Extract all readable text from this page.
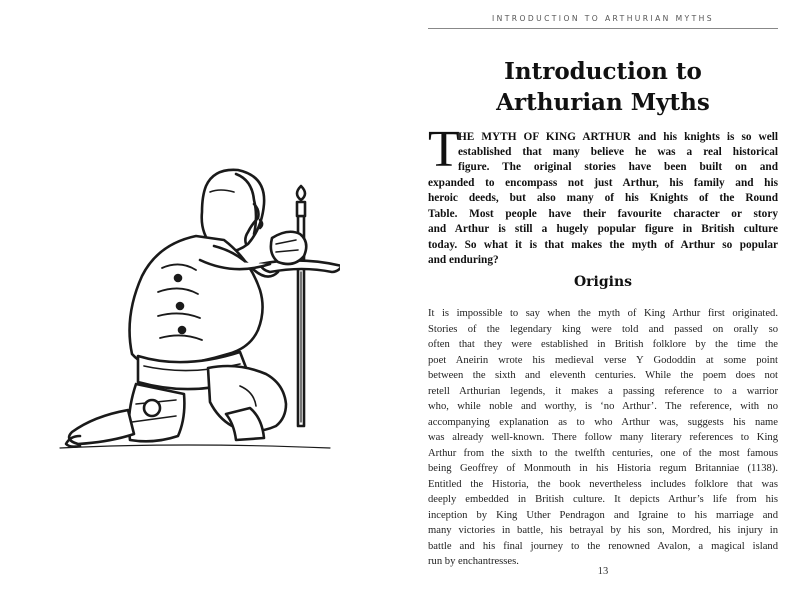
INTRODUCTION TO ARTHURIAN MYTHS
Introduction to
Arthurian Myths
T
HE MYTH OF KING ARTHUR and his knights is so well
established that many believe he was a real historical
figure. The original stories have been built on and
expanded to encompass not just Arthur, his family and his
heroic deeds, but also many of his Knights of the Round
Table. Most people have their favourite character or story
and Arthur is still a hugely popular figure in British culture
today. So what it is that makes the myth of Arthur so popular
and enduring?
Origins
It is impossible to say when the myth of King Arthur first originated.
Stories of the legendary king were told and passed on orally so
often that they were established in British folklore by the time the
poet Aneirin wrote his medieval verse Y Gododdin at some point
between the sixth and eleventh centuries. While the poem does not
retell Arthurian legends, it makes a passing reference to a warrior
who, while noble and worthy, is ‘no Arthur’. The reference, with no
accompanying explanation as to who Arthur was, suggests his name
was already well-known. There follow many literary references to King
Arthur from the sixth to the twelfth centuries, one of the most famous
being Geoffrey of Monmouth in his Historia regum Britanniae (1138).
Entitled the Historia, the book nevertheless includes folklore that was
deeply embedded in British culture. It depicts Arthur’s life from his
inception by King Uther Pendragon and Igraine to his marriage and
many victories in battle, his betrayal by his son, Mordred, his injury in
battle and his final journey to the renowned Avalon, a magical island
run by enchantresses.
13
